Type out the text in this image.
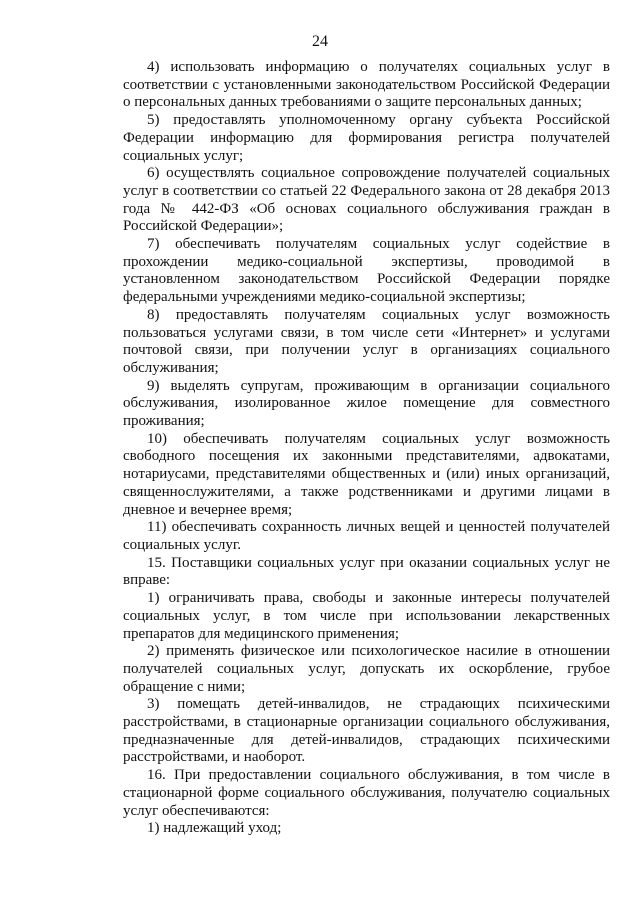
24

4) использовать информацию о получателях социальных услуг в соответствии с установленными законодательством Российской Федерации о персональных данных требованиями о защите персональных данных;

5) предоставлять уполномоченному органу субъекта Российской Федерации информацию для формирования регистра получателей социальных услуг;

6) осуществлять социальное сопровождение получателей социальных услуг в соответствии со статьей 22 Федерального закона от 28 декабря 2013 года № 442-ФЗ «Об основах социального обслуживания граждан в Российской Федерации»;

7) обеспечивать получателям социальных услуг содействие в прохождении медико-социальной экспертизы, проводимой в установленном законодательством Российской Федерации порядке федеральными учреждениями медико-социальной экспертизы;

8) предоставлять получателям социальных услуг возможность пользоваться услугами связи, в том числе сети «Интернет» и услугами почтовой связи, при получении услуг в организациях социального обслуживания;

9) выделять супругам, проживающим в организации социального обслуживания, изолированное жилое помещение для совместного проживания;

10) обеспечивать получателям социальных услуг возможность свободного посещения их законными представителями, адвокатами, нотариусами, представителями общественных и (или) иных организаций, священнослужителями, а также родственниками и другими лицами в дневное и вечернее время;

11) обеспечивать сохранность личных вещей и ценностей получателей социальных услуг.

15. Поставщики социальных услуг при оказании социальных услуг не вправе:

1) ограничивать права, свободы и законные интересы получателей социальных услуг, в том числе при использовании лекарственных препаратов для медицинского применения;

2) применять физическое или психологическое насилие в отношении получателей социальных услуг, допускать их оскорбление, грубое обращение с ними;

3) помещать детей-инвалидов, не страдающих психическими расстройствами, в стационарные организации социального обслуживания, предназначенные для детей-инвалидов, страдающих психическими расстройствами, и наоборот.

16. При предоставлении социального обслуживания, в том числе в стационарной форме социального обслуживания, получателю социальных услуг обеспечиваются:

1) надлежащий уход;
